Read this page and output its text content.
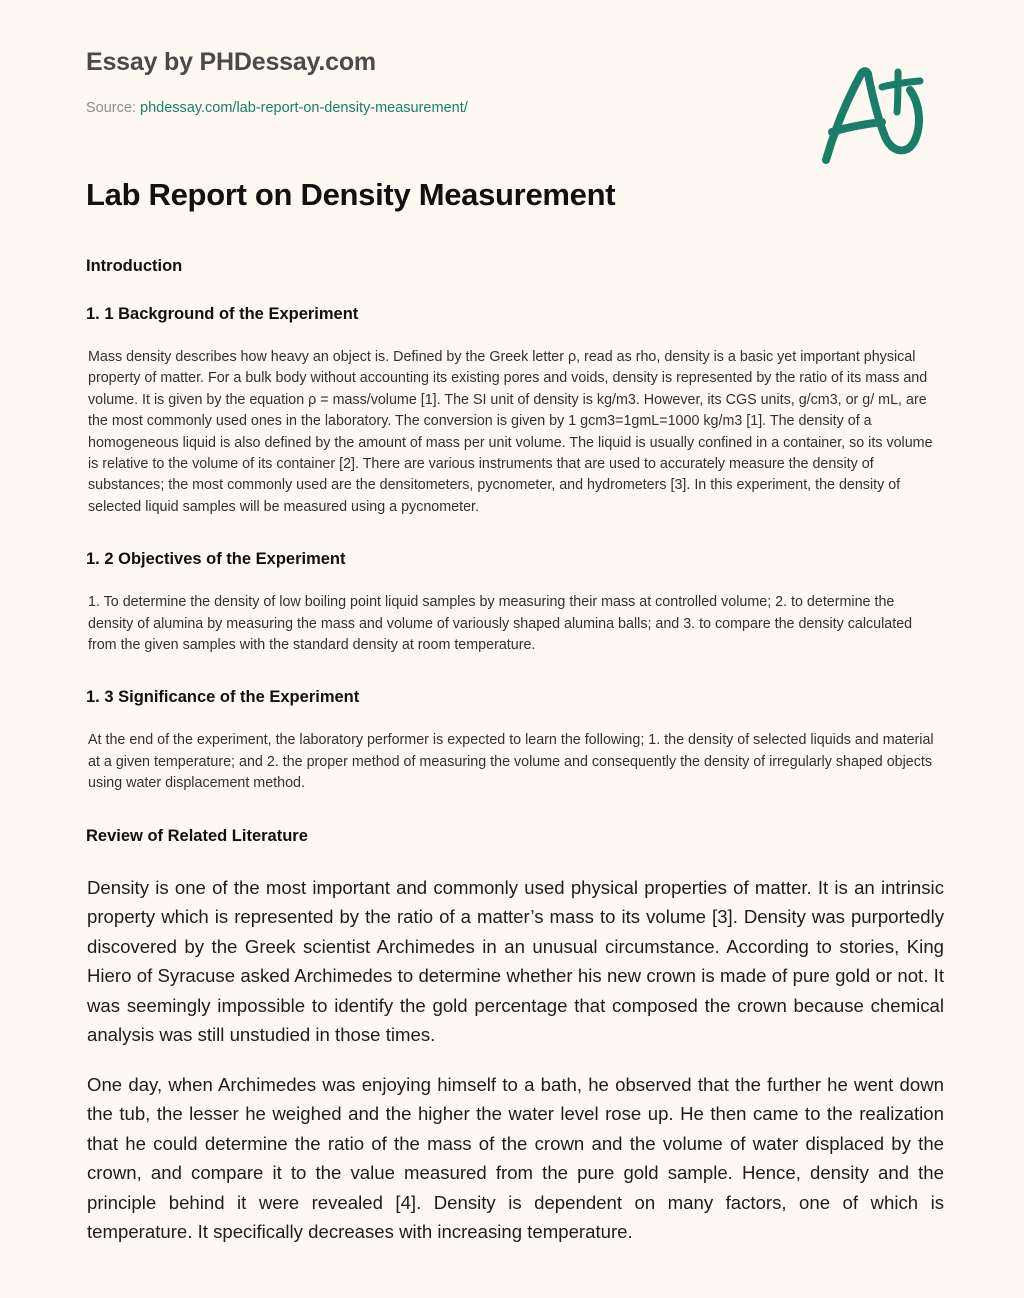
Essay by PHDessay.com
Source: phdessay.com/lab-report-on-density-measurement/
Lab Report on Density Measurement
Introduction
1. 1 Background of the Experiment

Mass density describes how heavy an object is. Defined by the Greek letter ρ, read as rho, density is a basic yet important physical property of matter. For a bulk body without accounting its existing pores and voids, density is represented by the ratio of its mass and volume. It is given by the equation ρ = mass/volume [1]. The SI unit of density is kg/m3. However, its CGS units, g/cm3, or g/ mL, are the most commonly used ones in the laboratory. The conversion is given by 1 gcm3=1gmL=1000 kg/m3 [1]. The density of a homogeneous liquid is also defined by the amount of mass per unit volume. The liquid is usually confined in a container, so its volume is relative to the volume of its container [2]. There are various instruments that are used to accurately measure the density of substances; the most commonly used are the densitometers, pycnometer, and hydrometers [3]. In this experiment, the density of selected liquid samples will be measured using a pycnometer.

1. 2 Objectives of the Experiment

1. To determine the density of low boiling point liquid samples by measuring their mass at controlled volume; 2. to determine the density of alumina by measuring the mass and volume of variously shaped alumina balls; and 3. to compare the density calculated from the given samples with the standard density at room temperature.

1. 3 Significance of the Experiment

At the end of the experiment, the laboratory performer is expected to learn the following; 1. the density of selected liquids and material at a given temperature; and 2. the proper method of measuring the volume and consequently the density of irregularly shaped objects using water displacement method.

Review of Related Literature

Density is one of the most important and commonly used physical properties of matter. It is an intrinsic property which is represented by the ratio of a matter’s mass to its volume [3]. Density was purportedly discovered by the Greek scientist Archimedes in an unusual circumstance. According to stories, King Hiero of Syracuse asked Archimedes to determine whether his new crown is made of pure gold or not. It was seemingly impossible to identify the gold percentage that composed the crown because chemical analysis was still unstudied in those times.

One day, when Archimedes was enjoying himself to a bath, he observed that the further he went down the tub, the lesser he weighed and the higher the water level rose up. He then came to the realization that he could determine the ratio of the mass of the crown and the volume of water displaced by the crown, and compare it to the value measured from the pure gold sample. Hence, density and the principle behind it were revealed [4]. Density is dependent on many factors, one of which is temperature. It specifically decreases with increasing temperature.
